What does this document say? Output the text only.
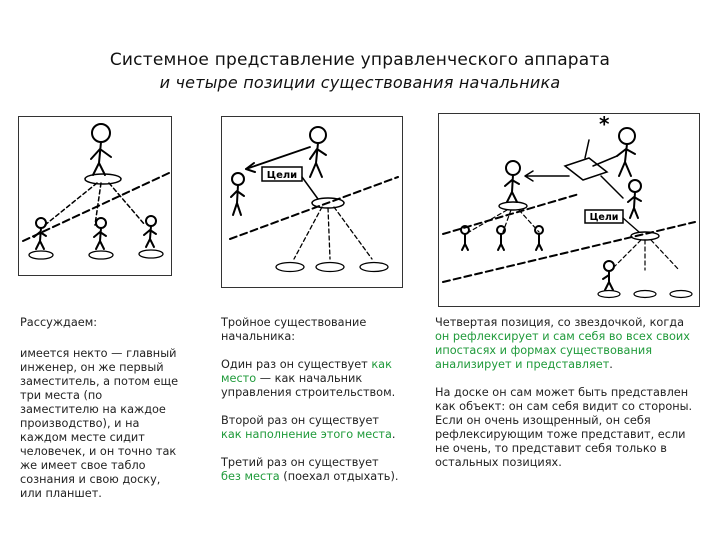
Системное представление управленческого аппарата
и четыре позиции существования начальника
Цели
*
Цели

Рассуждаем:

имеется некто — главный инженер, он же первый заместитель, а потом еще три места (по заместителю на каждое производство), и на каждом месте сидит человечек, и он точно так же имеет свое табло сознания и свою доску, или планшет.

Тройное существование начальника:

Один раз он существует как место — как начальник управления строительством.

Второй раз он существует как наполнение этого места.

Третий раз он существует без места (поехал отдыхать).

Четвертая позиция, со звездочкой, когда он рефлексирует и сам себя во всех своих ипостасях и формах существования анализирует и представляет.

На доске он сам может быть представлен как объект: он сам себя видит со стороны. Если он очень изощренный, он себя рефлексирующим тоже представит, если не очень, то представит себя только в остальных позициях.
